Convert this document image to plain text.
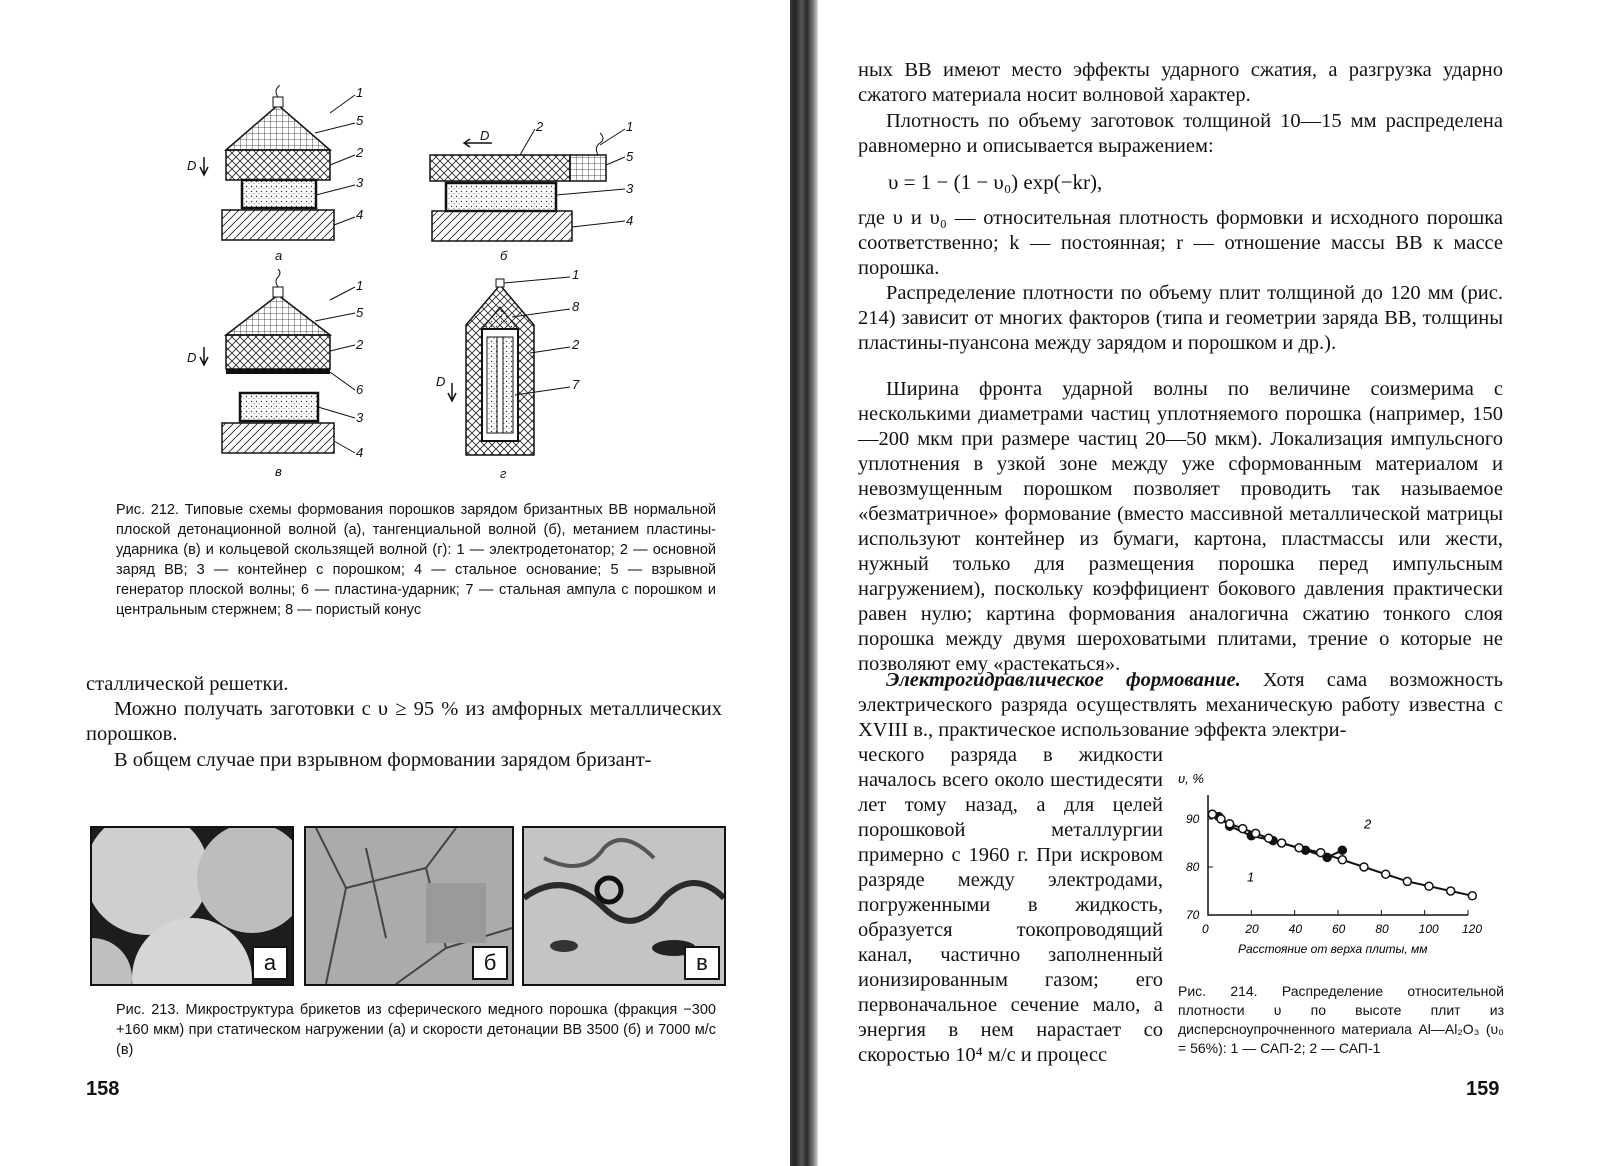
1
5
2
3
4
D
а
2	1
5
3
4
D
б
1
5
2
6
3
4
D
в
1
8
2
7
D
г

Рис. 212. Типовые схемы формования порошков зарядом бризантных ВВ нормальной плоской детонационной волной (а), тангенциальной волной (б), метанием пластины-ударника (в) и кольцевой скользящей волной (г): 1 — электродетонатор; 2 — основной заряд ВВ; 3 — контейнер с порошком; 4 — стальное основание; 5 — взрывной генератор плоской волны; 6 — пластина-ударник; 7 — стальная ампула с порошком и центральным стержнем; 8 — пористый конус

сталлической решетки.

Можно получать заготовки с υ ≥ 95 % из амфорных металлических порошков.

В общем случае при взрывном формовании зарядом бризант-

а	б	в

Рис. 213. Микроструктура брикетов из сферического медного порошка (фракция −300 +160 мкм) при статическом нагружении (а) и скорости детонации ВВ 3500 (б) и 7000 м/с (в)

158

ных ВВ имеют место эффекты ударного сжатия, а разгрузка ударно сжатого материала носит волновой характер.

Плотность по объему заготовок толщиной 10—15 мм распределена равномерно и описывается выражением:

υ = 1 − (1 − υ₀) exp(−kr),

где υ и υ₀ — относительная плотность формовки и исходного порошка соответственно; k — постоянная; r — отношение массы ВВ к массе порошка.

Распределение плотности по объему плит толщиной до 120 мм (рис. 214) зависит от многих факторов (типа и геометрии заряда ВВ, толщины пластины-пуансона между зарядом и порошком и др.).

Ширина фронта ударной волны по величине соизмерима с несколькими диаметрами частиц уплотняемого порошка (например, 150—200 мкм при размере частиц 20—50 мкм). Локализация импульсного уплотнения в узкой зоне между уже сформованным материалом и невозмущенным порошком позволяет проводить так называемое «безматричное» формование (вместо массивной металлической матрицы используют контейнер из бумаги, картона, пластмассы или жести, нужный только для размещения порошка перед импульсным нагружением), поскольку коэффициент бокового давления практически равен нулю; картина формования аналогична сжатию тонкого слоя порошка между двумя шероховатыми плитами, трение о которые не позволяют ему «растекаться».

Электрогидравлическое формование. Хотя сама возможность электрического разряда осуществлять механическую работу известна с XVIII в., практическое использование эффекта электри-

ческого разряда в жидкости началось всего около шестидесяти лет тому назад, а для целей порошковой металлургии примерно с 1960 г. При искровом разряде между электродами, погруженными в жидкость, образуется токопроводящий канал, частично заполненный ионизированным газом; его первоначальное сечение мало, а энергия в нем нарастает со скоростью 10⁴ м/с и процесс

υ, %
70
80
90
0	20 40 60 80 100 120
Расстояние от верха плиты, мм
1
2

Рис. 214. Распределение относительной плотности υ по высоте плит из дисперсноупрочненного материала Al—Al₂O₃ (υ₀ = 56%): 1 — САП-2; 2 — САП-1

159
